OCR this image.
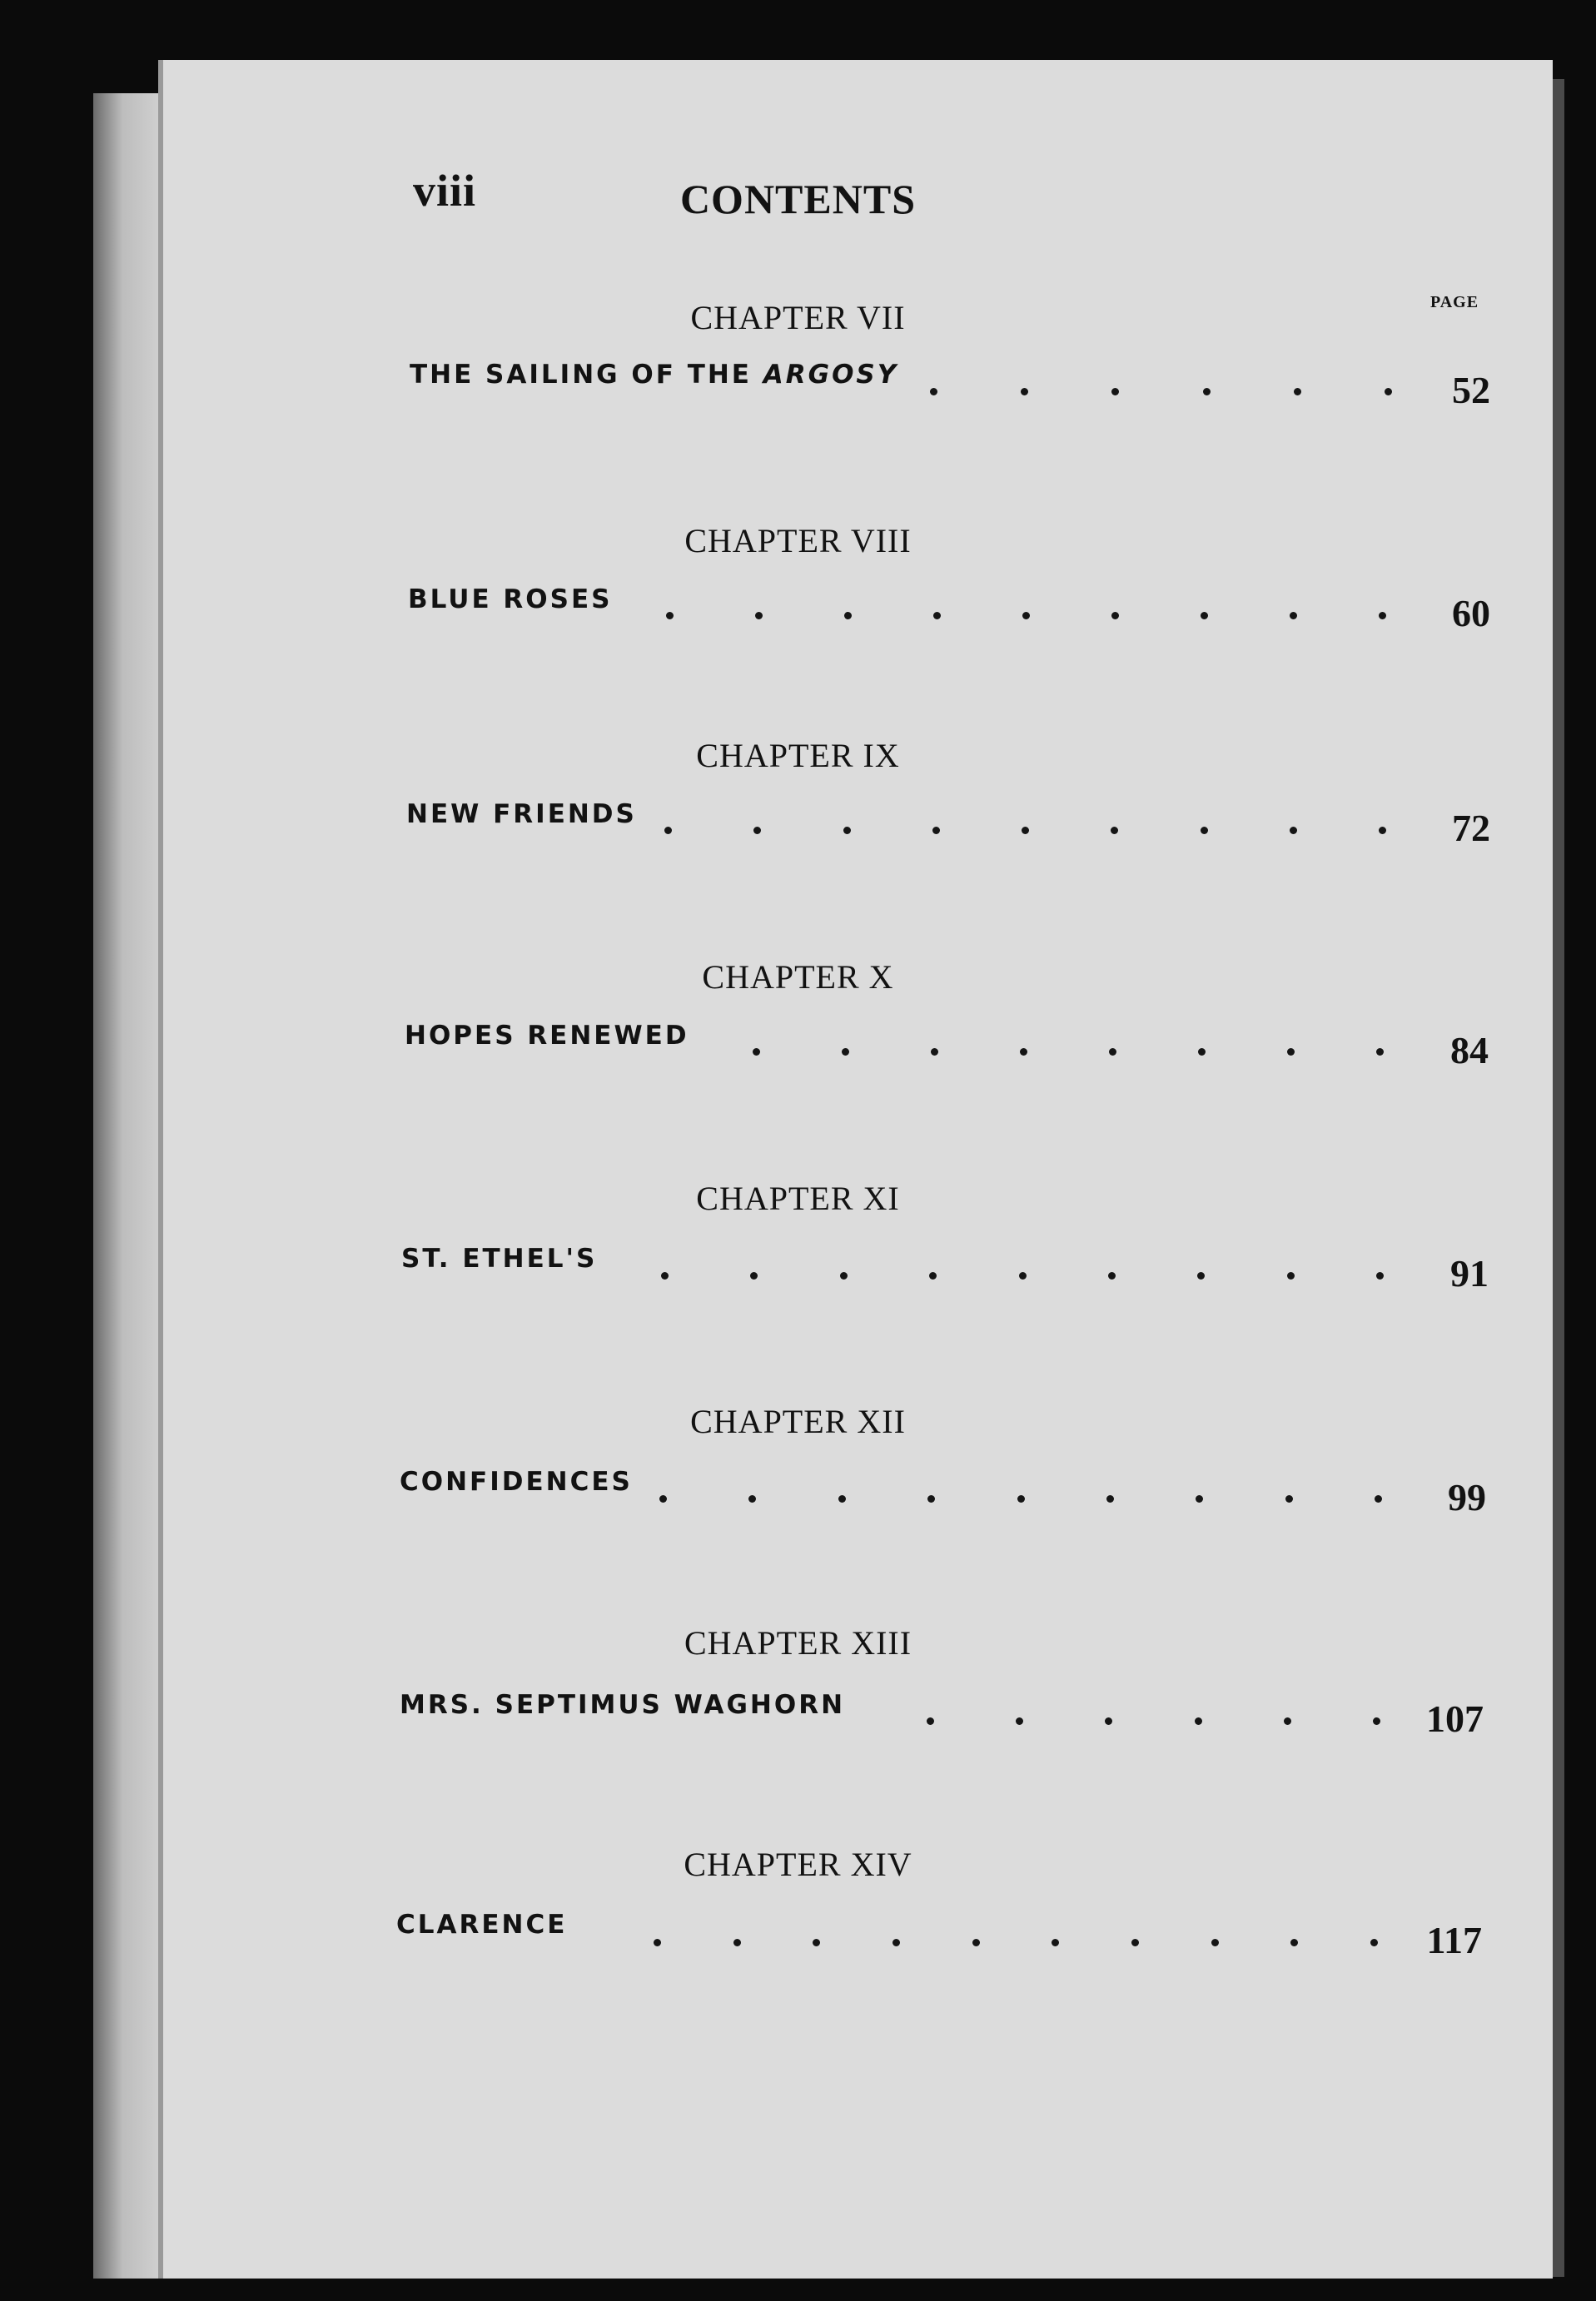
viii	CONTENTS
PAGE
CHAPTER VII
THE SAILING OF THE ARGOSY	52
CHAPTER VIII
BLUE ROSES	60
CHAPTER IX
NEW FRIENDS	72
CHAPTER X
HOPES RENEWED	84
CHAPTER XI
ST. ETHEL'S	91
CHAPTER XII
CONFIDENCES	99
CHAPTER XIII
MRS. SEPTIMUS WAGHORN	107
CHAPTER XIV
CLARENCE	117
